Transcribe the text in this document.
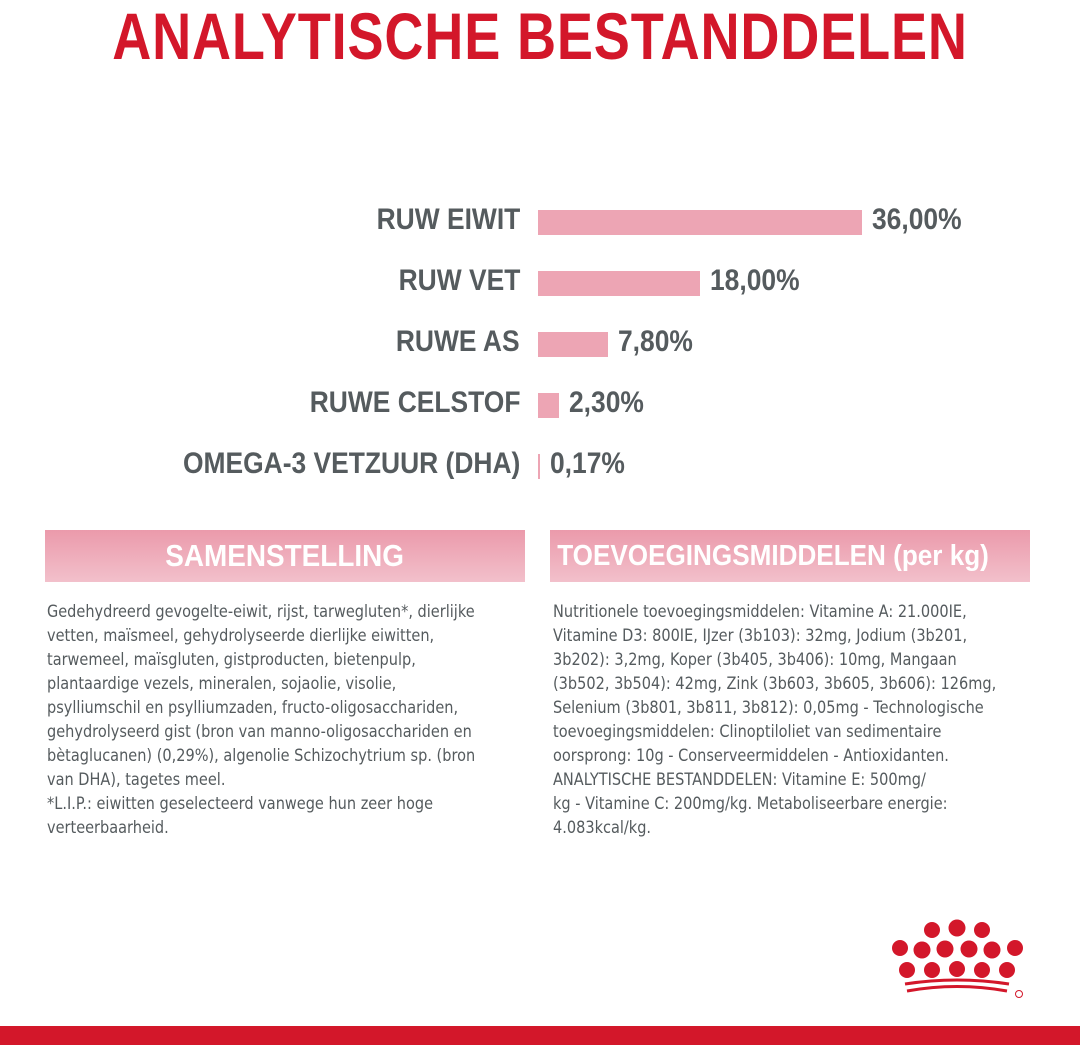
ANALYTISCHE BESTANDDELEN
RUW EIWIT	36,00%
RUW VET	18,00%
RUWE AS	7,80%
RUWE CELSTOF 2,30%
OMEGA-3 VETZUUR (DHA) 0,17%
SAMENSTELLING	TOEVOEGINGSMIDDELEN (per kg)
Gedehydreerd gevogelte-eiwit, rijst, tarwegluten*, dierlijke
vetten, maïsmeel, gehydrolyseerde dierlijke eiwitten,
tarwemeel, maïsgluten, gistproducten, bietenpulp,
plantaardige vezels, mineralen, sojaolie, visolie,
psylliumschil en psylliumzaden, fructo-oligosacchariden,
gehydrolyseerd gist (bron van manno-oligosacchariden en
bètaglucanen) (0,29%), algenolie Schizochytrium sp. (bron
van DHA), tagetes meel.
*L.I.P.: eiwitten geselecteerd vanwege hun zeer hoge
verteerbaarheid.
Nutritionele toevoegingsmiddelen: Vitamine A: 21.000IE,
Vitamine D3: 800IE, IJzer (3b103): 32mg, Jodium (3b201,
3b202): 3,2mg, Koper (3b405, 3b406): 10mg, Mangaan
(3b502, 3b504): 42mg, Zink (3b603, 3b605, 3b606): 126mg,
Selenium (3b801, 3b811, 3b812): 0,05mg - Technologische
toevoegingsmiddelen: Clinoptiloliet van sedimentaire
oorsprong: 10g - Conserveermiddelen - Antioxidanten.
ANALYTISCHE BESTANDDELEN: Vitamine E: 500mg/
kg - Vitamine C: 200mg/kg. Metaboliseerbare energie:
4.083kcal/kg.
